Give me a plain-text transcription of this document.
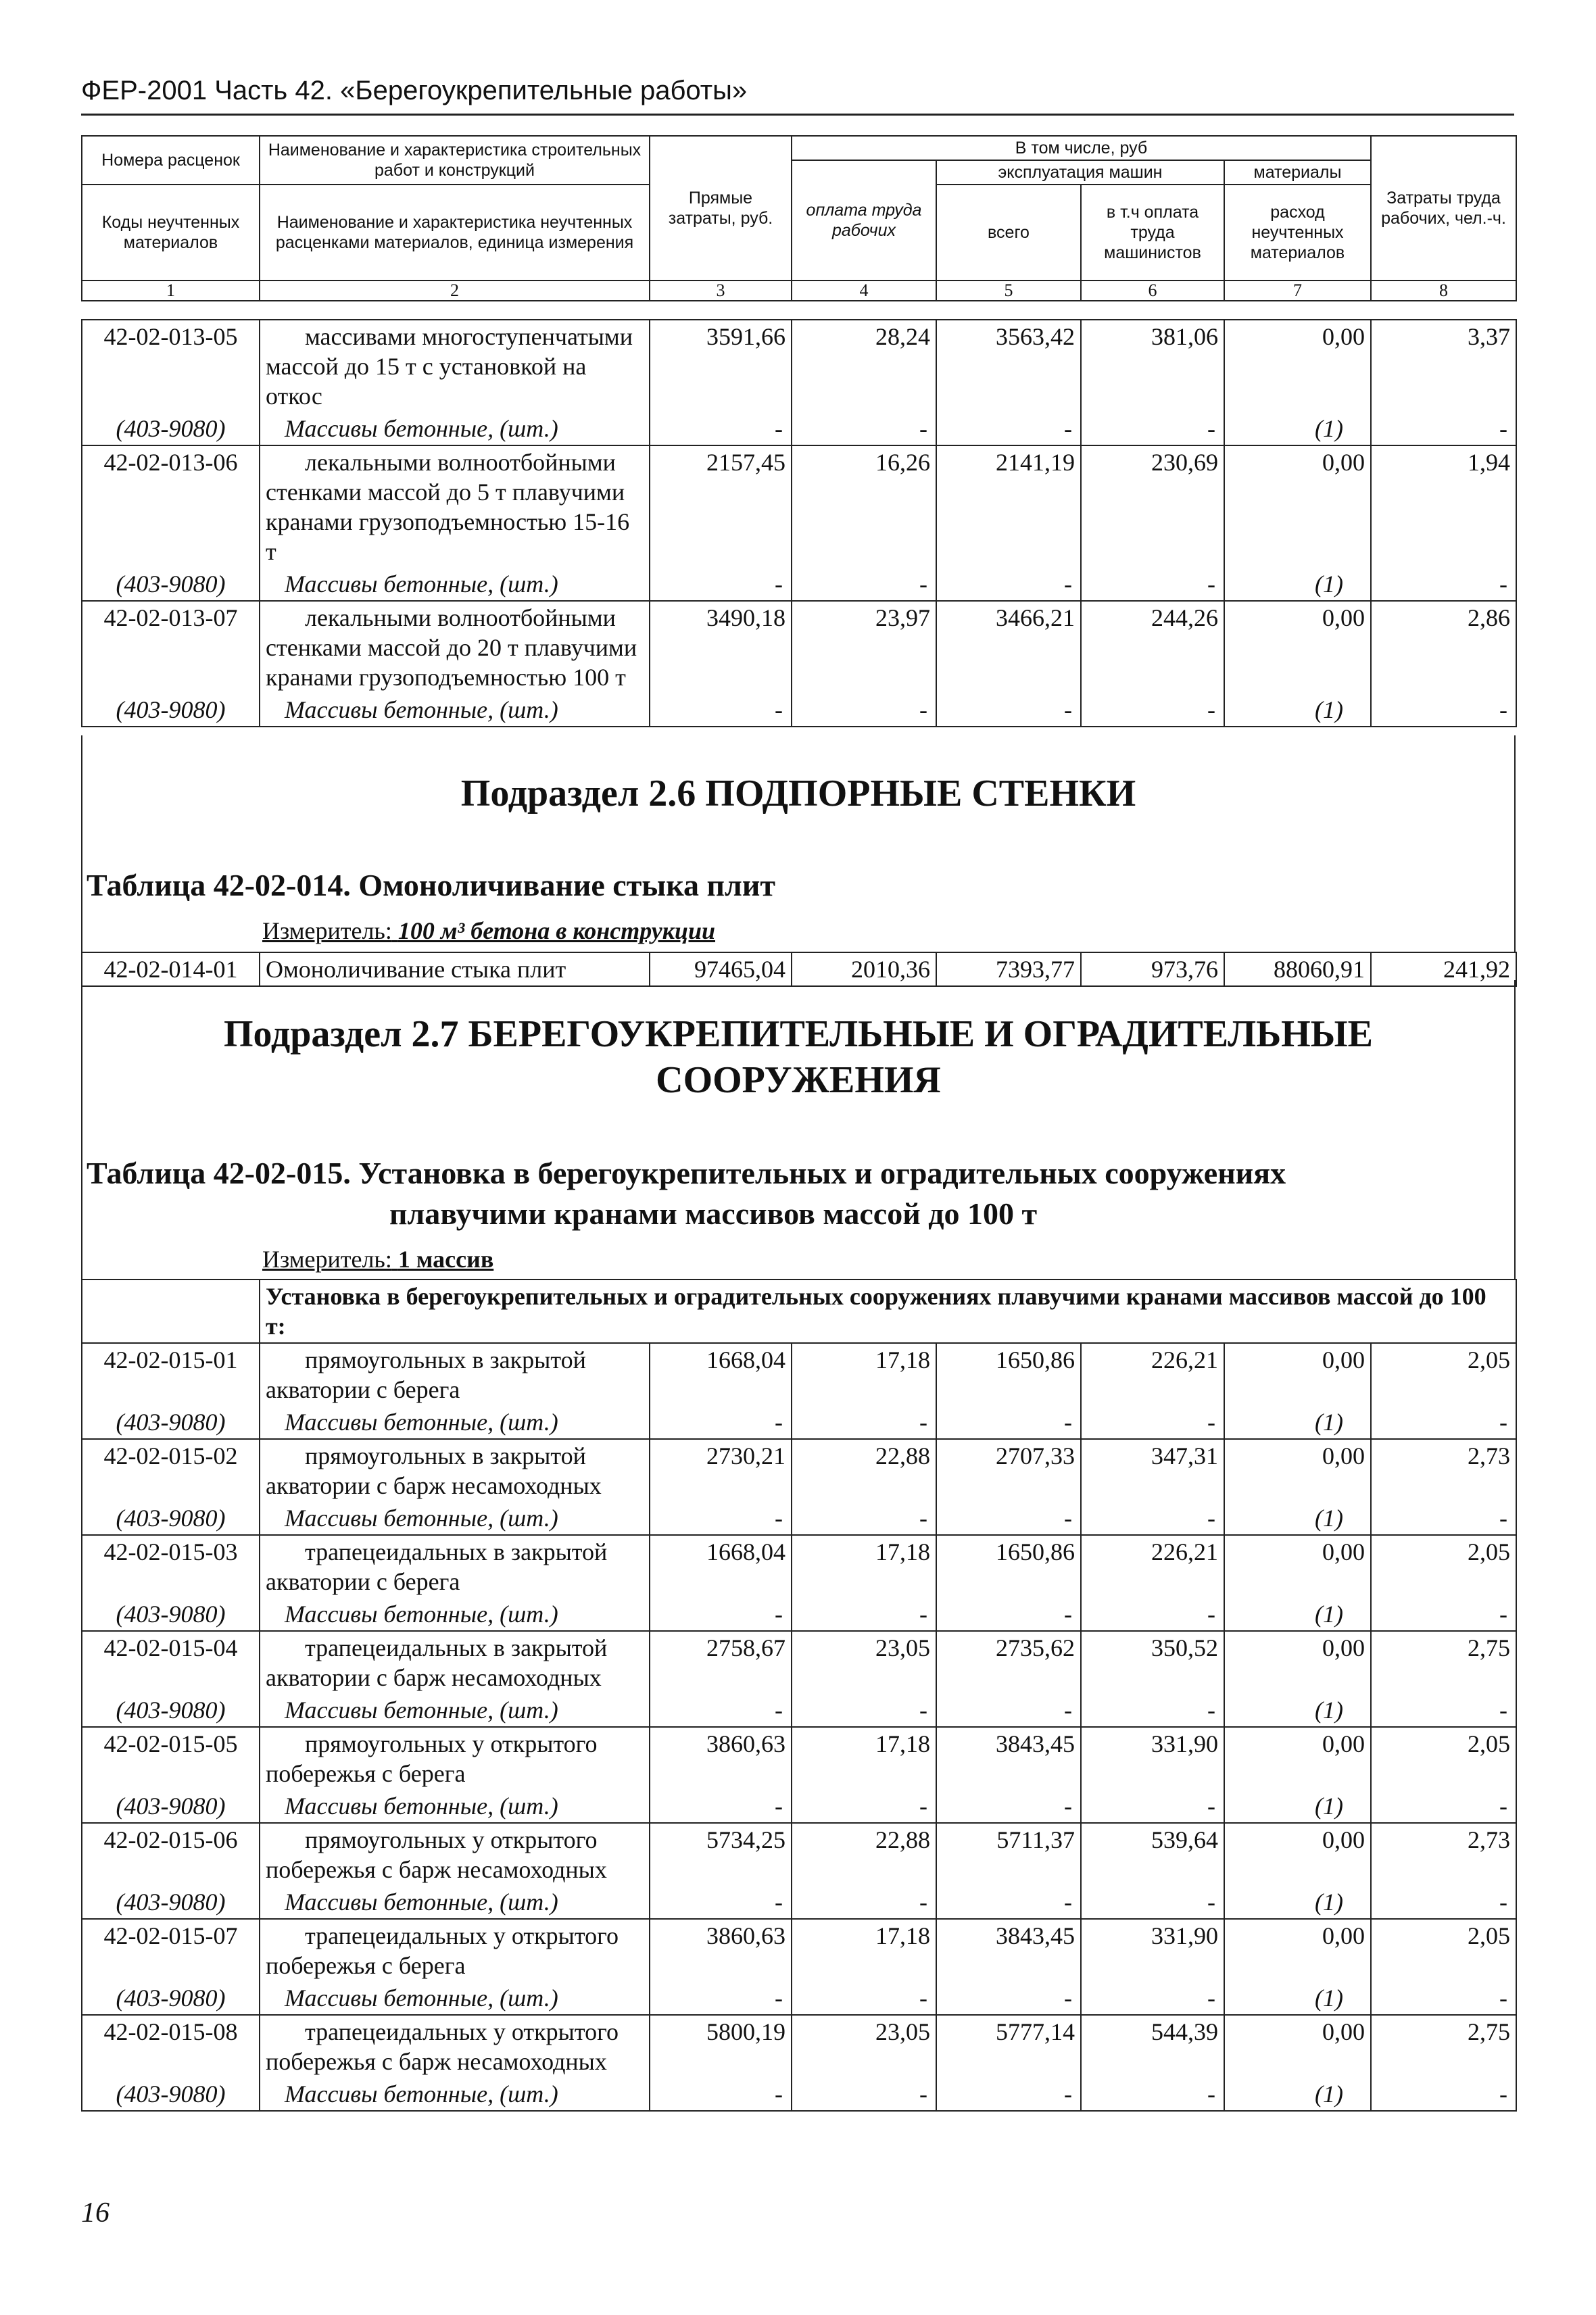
ФЕР-2001 Часть 42. «Берегоукрепительные работы»
Номера расценок	Наименование и характеристика строительных работ и конструкций	Прямые затраты, руб.	В том числе, руб				Затраты труда рабочих, чел.-ч.
			оплата труда рабочих	эксплуатация машин		материалы	
Коды неучтенных материалов	Наименование и характеристика неучтенных расценками материалов, единица измерения			всего	в т.ч оплата труда машинистов	расход неучтенных материалов	

1	2	3	4	5	6	7	8
42-02-013-05	массивами многоступенчатыми массой до 15 т с установкой на откос	3591,66	28,24	3563,42	381,06	0,00	3,37
(403-9080)	Массивы бетонные, (шт.)	-	-	-	-	(1)	-
42-02-013-06	лекальными волноотбойными стенками массой до 5 т плавучими кранами грузоподъемностью 15-16 т	2157,45	16,26	2141,19	230,69	0,00	1,94
(403-9080)	Массивы бетонные, (шт.)	-	-	-	-	(1)	-
42-02-013-07	лекальными волноотбойными стенками массой до 20 т плавучими кранами грузоподъемностью 100 т	3490,18	23,97	3466,21	244,26	0,00	2,86
(403-9080)	Массивы бетонные, (шт.)	-	-	-	-	(1)	-
Подраздел 2.6 ПОДПОРНЫЕ СТЕНКИ
Таблица 42-02-014. Омоноличивание стыка плит
Измеритель: 100 м³ бетона в конструкции
42-02-014-01	Омоноличивание стыка плит	97465,04	2010,36	7393,77	973,76	88060,91	241,92
Подраздел 2.7 БЕРЕГОУКРЕПИТЕЛЬНЫЕ И ОГРАДИТЕЛЬНЫЕ
СООРУЖЕНИЯ
Таблица 42-02-015. Установка в берегоукрепительных и оградительных сооружениях
плавучими кранами массивов массой до 100 т
Измеритель: 1 массив
	Установка в берегоукрепительных и оградительных сооружениях плавучими кранами массивов массой до 100 т:						
42-02-015-01	прямоугольных в закрытой акватории с берега	1668,04	17,18	1650,86	226,21	0,00	2,05
(403-9080)	Массивы бетонные, (шт.)	-	-	-	-	(1)	-
42-02-015-02	прямоугольных в закрытой акватории с барж несамоходных	2730,21	22,88	2707,33	347,31	0,00	2,73
(403-9080)	Массивы бетонные, (шт.)	-	-	-	-	(1)	-
42-02-015-03	трапецеидальных в закрытой акватории с берега	1668,04	17,18	1650,86	226,21	0,00	2,05
(403-9080)	Массивы бетонные, (шт.)	-	-	-	-	(1)	-
42-02-015-04	трапецеидальных в закрытой акватории с барж несамоходных	2758,67	23,05	2735,62	350,52	0,00	2,75
(403-9080)	Массивы бетонные, (шт.)	-	-	-	-	(1)	-
42-02-015-05	прямоугольных у открытого побережья с берега	3860,63	17,18	3843,45	331,90	0,00	2,05
(403-9080)	Массивы бетонные, (шт.)	-	-	-	-	(1)	-
42-02-015-06	прямоугольных у открытого побережья с барж несамоходных	5734,25	22,88	5711,37	539,64	0,00	2,73
(403-9080)	Массивы бетонные, (шт.)	-	-	-	-	(1)	-
42-02-015-07	трапецеидальных у открытого побережья с берега	3860,63	17,18	3843,45	331,90	0,00	2,05
(403-9080)	Массивы бетонные, (шт.)	-	-	-	-	(1)	-
42-02-015-08	трапецеидальных у открытого побережья с барж несамоходных	5800,19	23,05	5777,14	544,39	0,00	2,75
(403-9080)	Массивы бетонные, (шт.)	-	-	-	-	(1)	-
16
